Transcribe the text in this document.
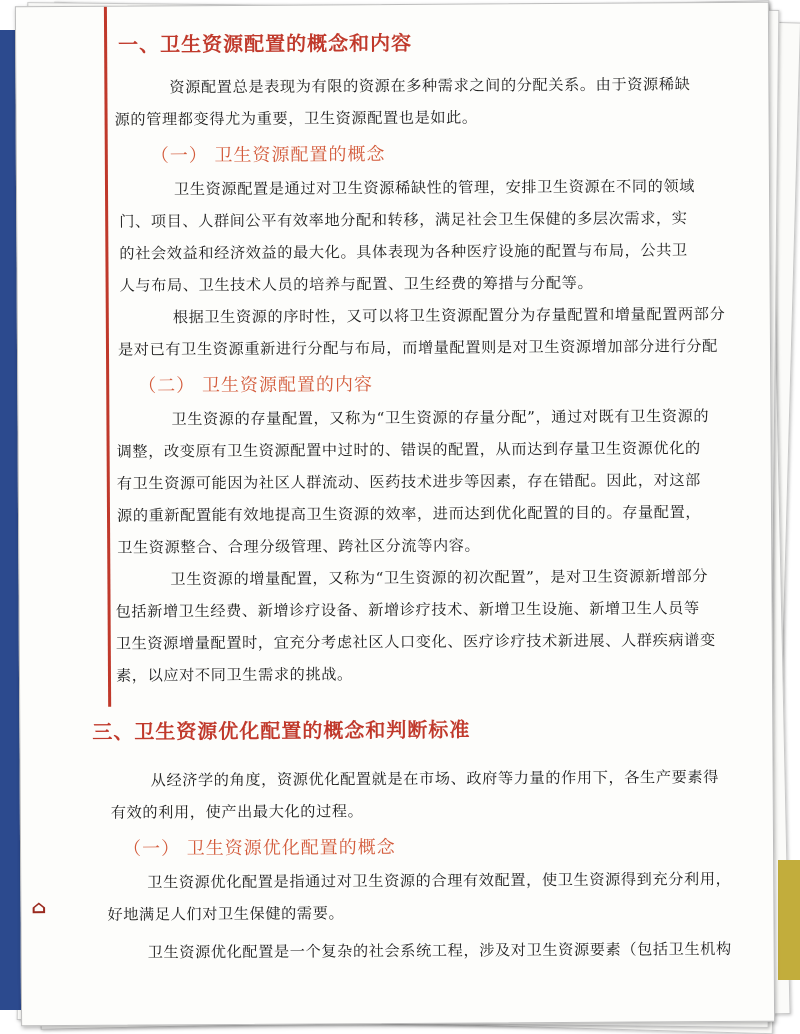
⌂
一、卫生资源配置的概念和内容
资源配置总是表现为有限的资源在多种需求之间的分配关系。由于资源稀缺
源的管理都变得尤为重要，卫生资源配置也是如此。
（一） 卫生资源配置的概念
卫生资源配置是通过对卫生资源稀缺性的管理，安排卫生资源在不同的领域
门、项目、人群间公平有效率地分配和转移，满足社会卫生保健的多层次需求，实
的社会效益和经济效益的最大化。具体表现为各种医疗设施的配置与布局，公共卫
人与布局、卫生技术人员的培养与配置、卫生经费的筹措与分配等。
根据卫生资源的序时性，又可以将卫生资源配置分为存量配置和增量配置两部分
是对已有卫生资源重新进行分配与布局，而增量配置则是对卫生资源增加部分进行分配
（二） 卫生资源配置的内容
卫生资源的存量配置，又称为“卫生资源的存量分配”，通过对既有卫生资源的
调整，改变原有卫生资源配置中过时的、错误的配置，从而达到存量卫生资源优化的
有卫生资源可能因为社区人群流动、医药技术进步等因素，存在错配。因此，对这部
源的重新配置能有效地提高卫生资源的效率，进而达到优化配置的目的。存量配置，
卫生资源整合、合理分级管理、跨社区分流等内容。
卫生资源的增量配置，又称为“卫生资源的初次配置”，是对卫生资源新增部分
包括新增卫生经费、新增诊疗设备、新增诊疗技术、新增卫生设施、新增卫生人员等
卫生资源增量配置时，宜充分考虑社区人口变化、医疗诊疗技术新进展、人群疾病谱变
素，以应对不同卫生需求的挑战。
三、卫生资源优化配置的概念和判断标准
从经济学的角度，资源优化配置就是在市场、政府等力量的作用下，各生产要素得
有效的利用，使产出最大化的过程。
（一） 卫生资源优化配置的概念
卫生资源优化配置是指通过对卫生资源的合理有效配置，使卫生资源得到充分利用，
好地满足人们对卫生保健的需要。
卫生资源优化配置是一个复杂的社会系统工程，涉及对卫生资源要素（包括卫生机构
